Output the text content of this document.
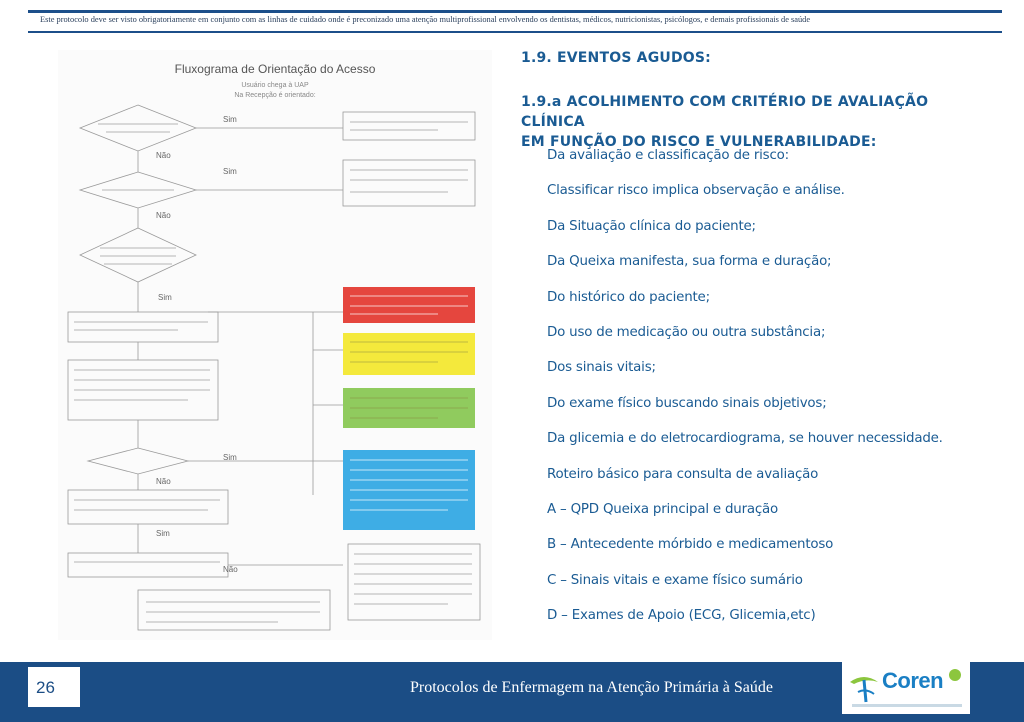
Este protocolo deve ser visto obrigatoriamente em conjunto com as linhas de cuidado onde é preconizado uma atenção multiprofissional envolvendo os dentistas, médicos, nutricionistas, psicólogos, e demais profissionais de saúde
Fluxograma de Orientação do Acesso
Usuário chega à UAP
Na Recepção é orientado:
Sim
Não
Sim
Não
Sim
Sim
Não
Sim
Não
1.9. EVENTOS AGUDOS:
1.9.a ACOLHIMENTO COM CRITÉRIO DE AVALIAÇÃO CLÍNICA
EM FUNÇÃO DO RISCO E VULNERABILIDADE:
Da avaliação e classificação de risco:
Classificar risco implica observação e análise.
Da Situação clínica do paciente;
Da Queixa manifesta, sua forma e duração;
Do histórico do paciente;
Do uso de medicação ou outra substância;
Dos sinais vitais;
Do exame físico buscando sinais objetivos;
Da glicemia e do eletrocardiograma, se houver necessidade.
Roteiro básico para consulta de avaliação
A – QPD Queixa principal e duração
B – Antecedente mórbido e medicamentoso
C – Sinais vitais e exame físico sumário
D – Exames de Apoio (ECG, Glicemia,etc)
26	Protocolos de Enfermagem na Atenção Primária à Saúde	Coren
